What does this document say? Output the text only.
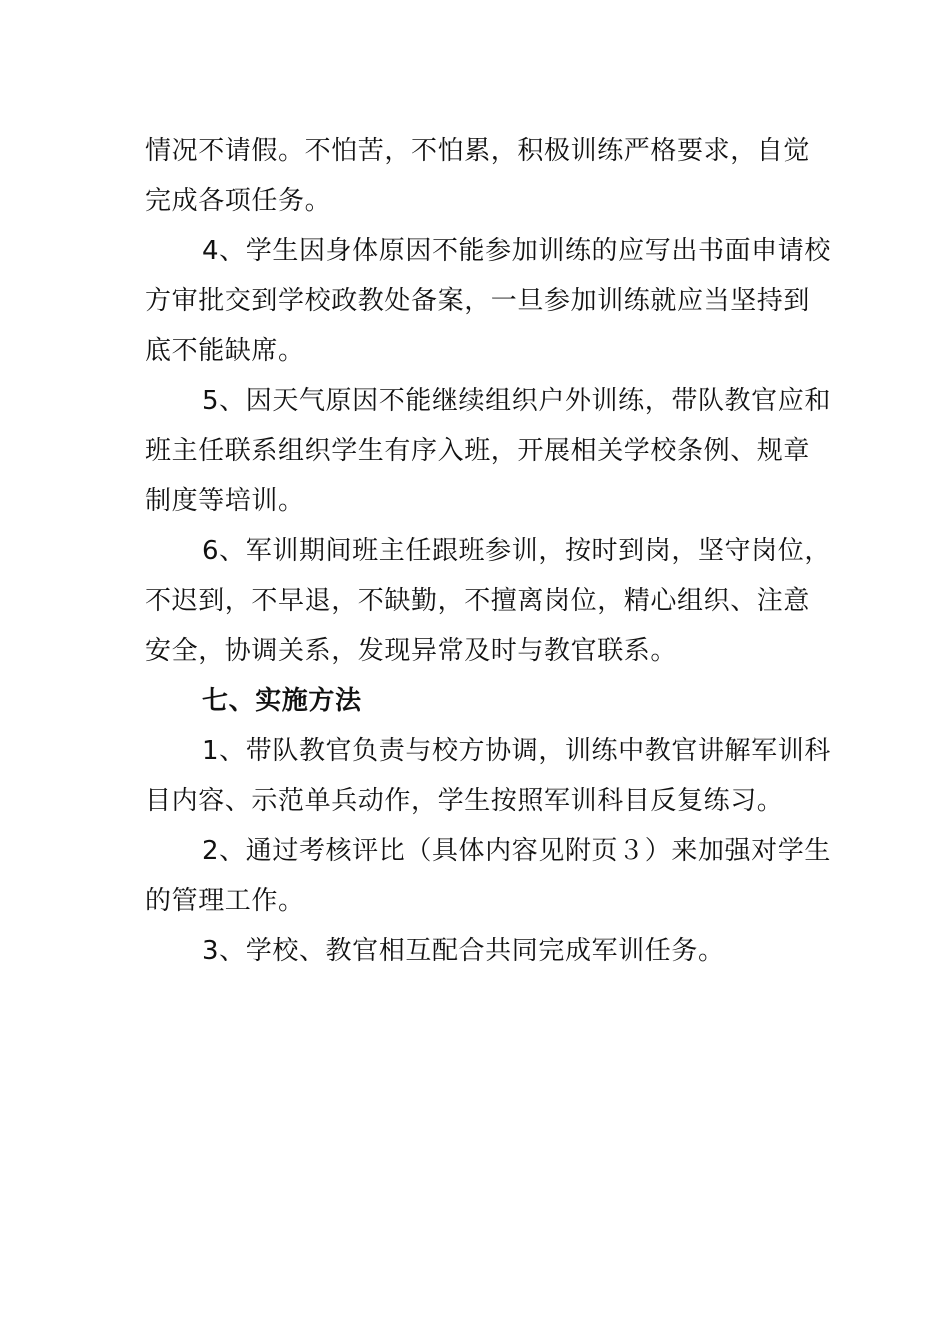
情况不请假。不怕苦，不怕累，积极训练严格要求，自觉
完成各项任务。
4、学生因身体原因不能参加训练的应写出书面申请校
方审批交到学校政教处备案，一旦参加训练就应当坚持到
底不能缺席。
5、因天气原因不能继续组织户外训练，带队教官应和
班主任联系组织学生有序入班，开展相关学校条例、规章
制度等培训。
6、军训期间班主任跟班参训，按时到岗，坚守岗位，
不迟到，不早退，不缺勤，不擅离岗位，精心组织、注意
安全，协调关系，发现异常及时与教官联系。
七、实施方法
1、带队教官负责与校方协调，训练中教官讲解军训科
目内容、示范单兵动作，学生按照军训科目反复练习。
2、通过考核评比（具体内容见附页３）来加强对学生
的管理工作。
3、学校、教官相互配合共同完成军训任务。
